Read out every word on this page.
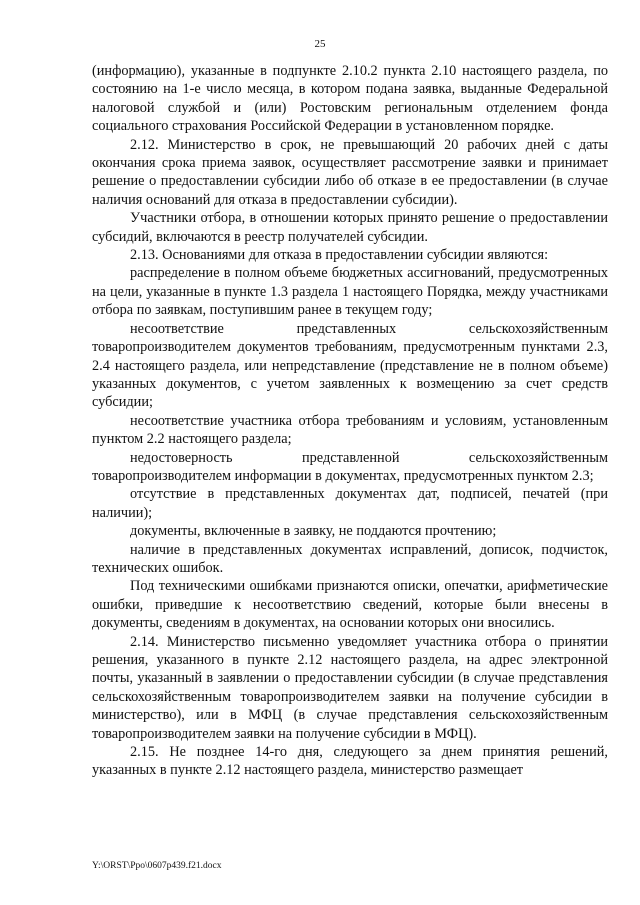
25

(информацию), указанные в подпункте 2.10.2 пункта 2.10 настоящего раздела, по состоянию на 1-е число месяца, в котором подана заявка, выданные Федеральной налоговой службой и (или) Ростовским региональным отделением фонда социального страхования Российской Федерации в установленном порядке.

2.12. Министерство в срок, не превышающий 20 рабочих дней с даты окончания срока приема заявок, осуществляет рассмотрение заявки и принимает решение о предоставлении субсидии либо об отказе в ее предоставлении (в случае наличия оснований для отказа в предоставлении субсидии).

Участники отбора, в отношении которых принято решение о предоставлении субсидий, включаются в реестр получателей субсидии.

2.13. Основаниями для отказа в предоставлении субсидии являются:

распределение в полном объеме бюджетных ассигнований, предусмотренных на цели, указанные в пункте 1.3 раздела 1 настоящего Порядка, между участниками отбора по заявкам, поступившим ранее в текущем году;

несоответствие представленных сельскохозяйственным товаропроизводителем документов требованиям, предусмотренным пунктами 2.3, 2.4 настоящего раздела, или непредставление (представление не в полном объеме) указанных документов, с учетом заявленных к возмещению за счет средств субсидии;

несоответствие участника отбора требованиям и условиям, установленным пунктом 2.2 настоящего раздела;

недостоверность представленной сельскохозяйственным товаропроизводителем информации в документах, предусмотренных пунктом 2.3;

отсутствие в представленных документах дат, подписей, печатей (при наличии);

документы, включенные в заявку, не поддаются прочтению;

наличие в представленных документах исправлений, дописок, подчисток, технических ошибок.

Под техническими ошибками признаются описки, опечатки, арифметические ошибки, приведшие к несоответствию сведений, которые были внесены в документы, сведениям в документах, на основании которых они вносились.

2.14. Министерство письменно уведомляет участника отбора о принятии решения, указанного в пункте 2.12 настоящего раздела, на адрес электронной почты, указанный в заявлении о предоставлении субсидии (в случае представления сельскохозяйственным товаропроизводителем заявки на получение субсидии в министерство), или в МФЦ (в случае представления сельскохозяйственным товаропроизводителем заявки на получение субсидии в МФЦ).

2.15. Не позднее 14-го дня, следующего за днем принятия решений, указанных в пункте 2.12 настоящего раздела, министерство размещает

Y:\ORST\Ppo\0607p439.f21.docx
